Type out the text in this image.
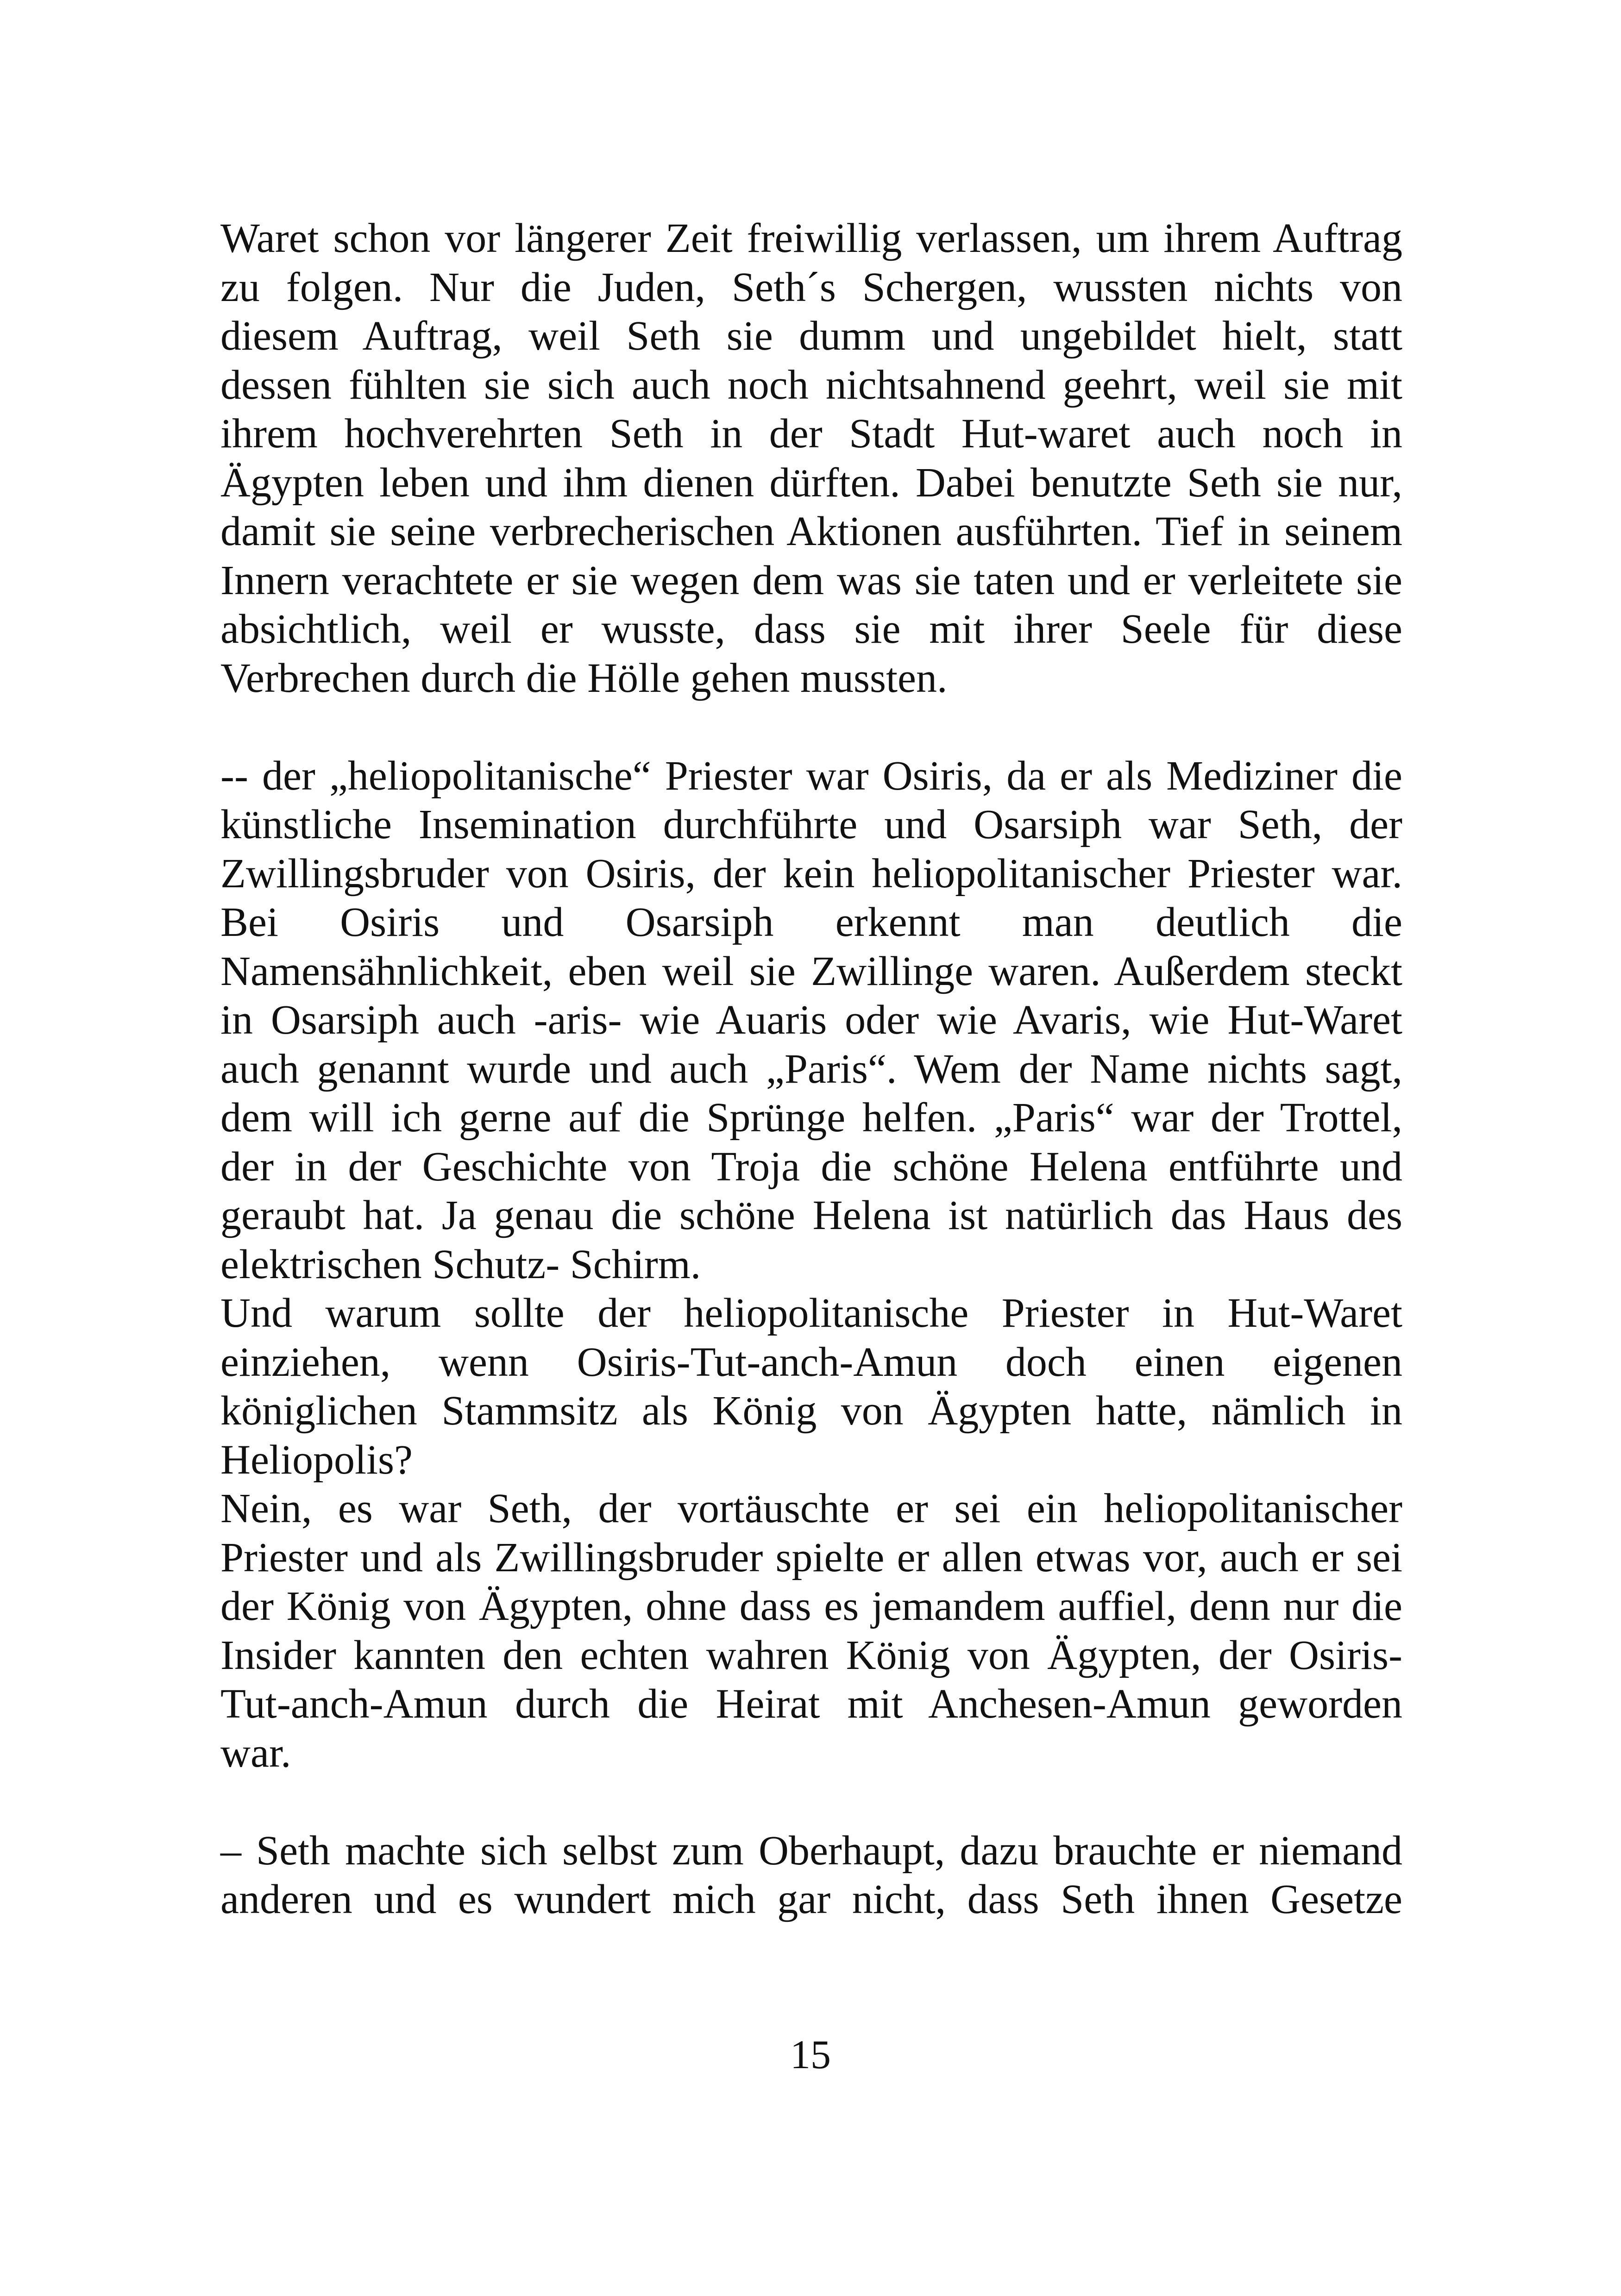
Waret schon vor längerer Zeit freiwillig verlassen, um ihrem Auftrag
zu folgen. Nur die Juden, Seth´s Schergen, wussten nichts von
diesem Auftrag, weil Seth sie dumm und ungebildet hielt, statt
dessen fühlten sie sich auch noch nichtsahnend geehrt, weil sie mit
ihrem hochverehrten Seth in der Stadt Hut-waret auch noch in
Ägypten leben und ihm dienen dürften. Dabei benutzte Seth sie nur,
damit sie seine verbrecherischen Aktionen ausführten. Tief in seinem
Innern verachtete er sie wegen dem was sie taten und er verleitete sie
absichtlich, weil er wusste, dass sie mit ihrer Seele für diese
Verbrechen durch die Hölle gehen mussten.
-- der „heliopolitanische“ Priester war Osiris, da er als Mediziner die
künstliche Insemination durchführte und Osarsiph war Seth, der
Zwillingsbruder von Osiris, der kein heliopolitanischer Priester war.
Bei Osiris und Osarsiph erkennt man deutlich die
Namensähnlichkeit, eben weil sie Zwillinge waren. Außerdem steckt
in Osarsiph auch -aris- wie Auaris oder wie Avaris, wie Hut-Waret
auch genannt wurde und auch „Paris“. Wem der Name nichts sagt,
dem will ich gerne auf die Sprünge helfen. „Paris“ war der Trottel,
der in der Geschichte von Troja die schöne Helena entführte und
geraubt hat. Ja genau die schöne Helena ist natürlich das Haus des
elektrischen Schutz- Schirm.
Und warum sollte der heliopolitanische Priester in Hut-Waret
einziehen, wenn Osiris-Tut-anch-Amun doch einen eigenen
königlichen Stammsitz als König von Ägypten hatte, nämlich in
Heliopolis?
Nein, es war Seth, der vortäuschte er sei ein heliopolitanischer
Priester und als Zwillingsbruder spielte er allen etwas vor, auch er sei
der König von Ägypten, ohne dass es jemandem auffiel, denn nur die
Insider kannten den echten wahren König von Ägypten, der Osiris-
Tut-anch-Amun durch die Heirat mit Anchesen-Amun geworden
war.
– Seth machte sich selbst zum Oberhaupt, dazu brauchte er niemand
anderen und es wundert mich gar nicht, dass Seth ihnen Gesetze
15
